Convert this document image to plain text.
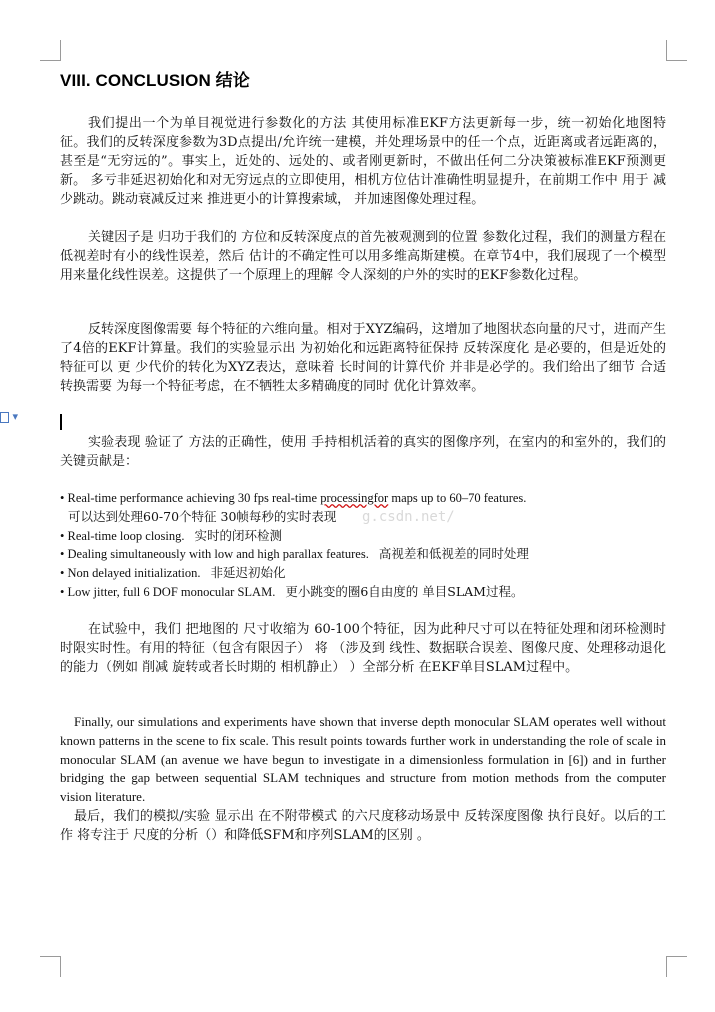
▾
VIII. CONCLUSION 结论
我们提出一个为单目视觉进行参数化的方法 其使用标准EKF方法更新每一步，统一初始化地图特征。我们的反转深度参数为3D点提出/允许统一建模，并处理场景中的任一个点，近距离或者远距离的，甚至是“无穷远的”。事实上，近处的、远处的、或者刚更新时，不做出任何二分决策被标准EKF预测更新。 多亏非延迟初始化和对无穷远点的立即使用，相机方位估计准确性明显提升，在前期工作中 用于 减少跳动。跳动衰减反过来 推进更小的计算搜索域， 并加速图像处理过程。
关键因子是 归功于我们的 方位和反转深度点的首先被观测到的位置 参数化过程，我们的测量方程在低视差时有小的线性误差，然后 估计的不确定性可以用多维高斯建模。在章节4中，我们展现了一个模型用来量化线性误差。这提供了一个原理上的理解 令人深刻的户外的实时的EKF参数化过程。
反转深度图像需要 每个特征的六维向量。相对于XYZ编码，这增加了地图状态向量的尺寸，进而产生了4倍的EKF计算量。我们的实验显示出 为初始化和远距离特征保持 反转深度化 是必要的，但是近处的特征可以 更 少代价的转化为XYZ表达，意味着 长时间的计算代价 并非是必学的。我们给出了细节 合适转换需要 为每一个特征考虑，在不牺牲太多精确度的同时 优化计算效率。
实验表现 验证了 方法的正确性，使用 手持相机活着的真实的图像序列，在室内的和室外的，我们的关键贡献是：
• Real-time performance achieving 30 fps real-time processingfor maps up to 60–70 features.
可以达到处理60-70个特征 30帧每秒的实时表现
• Real-time loop closing. 实时的闭环检测
• Dealing simultaneously with low and high parallax features. 高视差和低视差的同时处理
• Non delayed initialization. 非延迟初始化
• Low jitter, full 6 DOF monocular SLAM. 更小跳变的圈6自由度的 单目SLAM过程。
g.csdn.net/
在试验中，我们 把地图的 尺寸收缩为 60-100个特征，因为此种尺寸可以在特征处理和闭环检测时时限实时性。有用的特征（包含有限因子） 将 （涉及到 线性、数据联合误差、图像尺度、处理移动退化的能力（例如 削减 旋转或者长时期的 相机静止） ）全部分析 在EKF单目SLAM过程中。
Finally, our simulations and experiments have shown that inverse depth monocular SLAM operates well without known patterns in the scene to fix scale. This result points towards further work in understanding the role of scale in monocular SLAM (an avenue we have begun to investigate in a dimensionless formulation in [6]) and in further bridging the gap between sequential SLAM techniques and structure from motion methods from the computer vision literature.
最后，我们的模拟/实验 显示出 在不附带模式 的六尺度移动场景中 反转深度图像 执行良好。以后的工作 将专注于 尺度的分析（）和降低SFM和序列SLAM的区别 。
